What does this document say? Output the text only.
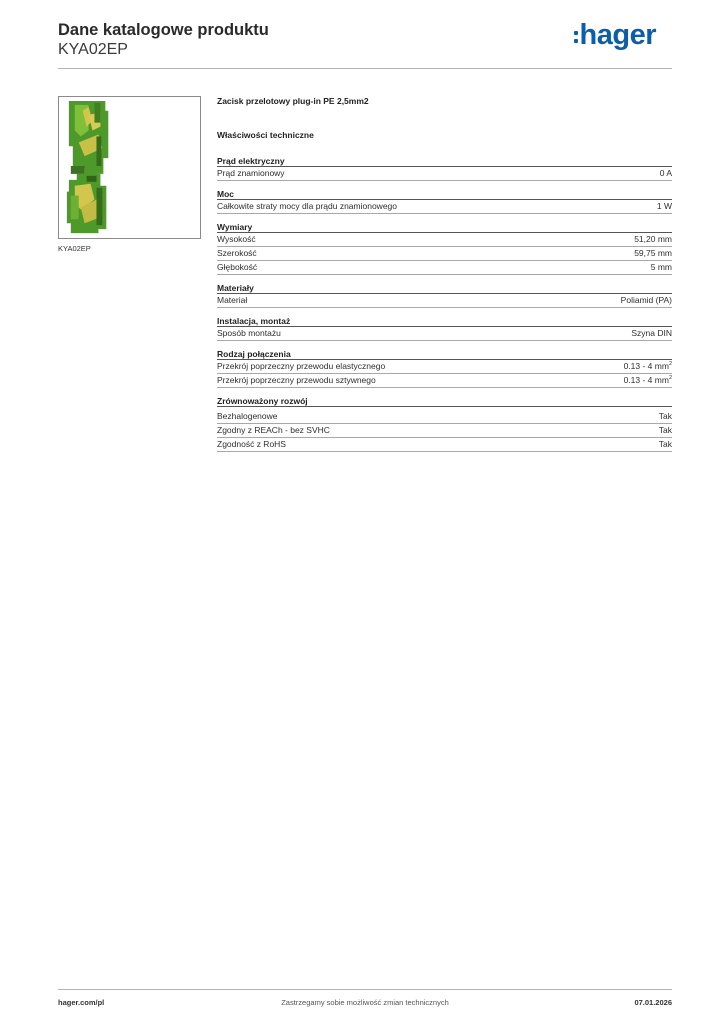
Dane katalogowe produktu
KYA02EP	hager
KYA02EP
Zacisk przelotowy plug-in PE 2,5mm2
Właściwości techniczne
Prąd elektryczny
Prąd znamionowy	0 A
Moc
Całkowite straty mocy dla prądu znamionowego	1 W
Wymiary
Wysokość	51,20 mm
Szerokość	59,75 mm
Głębokość	5 mm
Materiały
Materiał	Poliamid (PA)
Instalacja, montaż
Sposób montażu	Szyna DIN
Rodzaj połączenia
Przekrój poprzeczny przewodu elastycznego	0.13 - 4 $mm^2$
Przekrój poprzeczny przewodu sztywnego	0.13 - 4 $mm^2$
Zrównoważony rozwój
Bezhalogenowe	Tak
Zgodny z REACh - bez SVHC	Tak
Zgodność z RoHS	Tak
hager.com/pl	Zastrzegamy sobie możliwość zmian technicznych	07.01.2026
